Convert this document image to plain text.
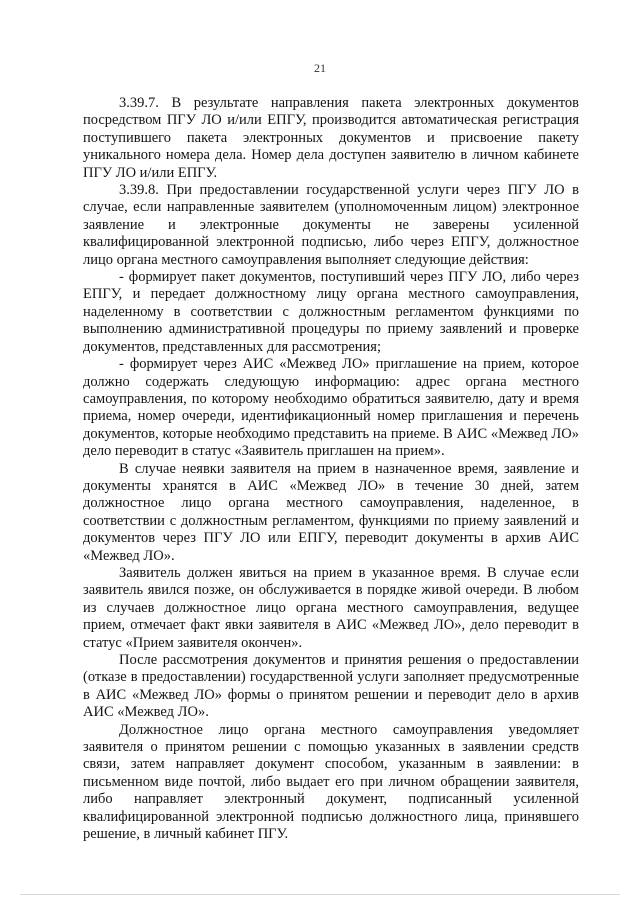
21

3.39.7. В результате направления пакета электронных документов посредством ПГУ ЛО и/или ЕПГУ, производится автоматическая регистрация поступившего пакета электронных документов и присвоение пакету уникального номера дела. Номер дела доступен заявителю в личном кабинете ПГУ ЛО и/или ЕПГУ.

3.39.8. При предоставлении государственной услуги через ПГУ ЛО в случае, если направленные заявителем (уполномоченным лицом) электронное заявление и электронные документы не заверены усиленной квалифицированной электронной подписью, либо через ЕПГУ, должностное лицо органа местного самоуправления выполняет следующие действия:

- формирует пакет документов, поступивший через ПГУ ЛО, либо через ЕПГУ, и передает должностному лицу органа местного самоуправления, наделенному в соответствии с должностным регламентом функциями по выполнению административной процедуры по приему заявлений и проверке документов, представленных для рассмотрения;

- формирует через АИС «Межвед ЛО» приглашение на прием, которое должно содержать следующую информацию: адрес органа местного самоуправления, по которому необходимо обратиться заявителю, дату и время приема, номер очереди, идентификационный номер приглашения и перечень документов, которые необходимо представить на приеме. В АИС «Межвед ЛО» дело переводит в статус «Заявитель приглашен на прием».

В случае неявки заявителя на прием в назначенное время, заявление и документы хранятся в АИС «Межвед ЛО» в течение 30 дней, затем должностное лицо органа местного самоуправления, наделенное, в соответствии с должностным регламентом, функциями по приему заявлений и документов через ПГУ ЛО или ЕПГУ, переводит документы в архив АИС «Межвед ЛО».

Заявитель должен явиться на прием в указанное время. В случае если заявитель явился позже, он обслуживается в порядке живой очереди. В любом из случаев должностное лицо органа местного самоуправления, ведущее прием, отмечает факт явки заявителя в АИС «Межвед ЛО», дело переводит в статус «Прием заявителя окончен».

После рассмотрения документов и принятия решения о предоставлении (отказе в предоставлении) государственной услуги заполняет предусмотренные в АИС «Межвед ЛО» формы о принятом решении и переводит дело в архив АИС «Межвед ЛО».

Должностное лицо органа местного самоуправления уведомляет заявителя о принятом решении с помощью указанных в заявлении средств связи, затем направляет документ способом, указанным в заявлении: в письменном виде почтой, либо выдает его при личном обращении заявителя, либо направляет электронный документ, подписанный усиленной квалифицированной электронной подписью должностного лица, принявшего решение, в личный кабинет ПГУ.
